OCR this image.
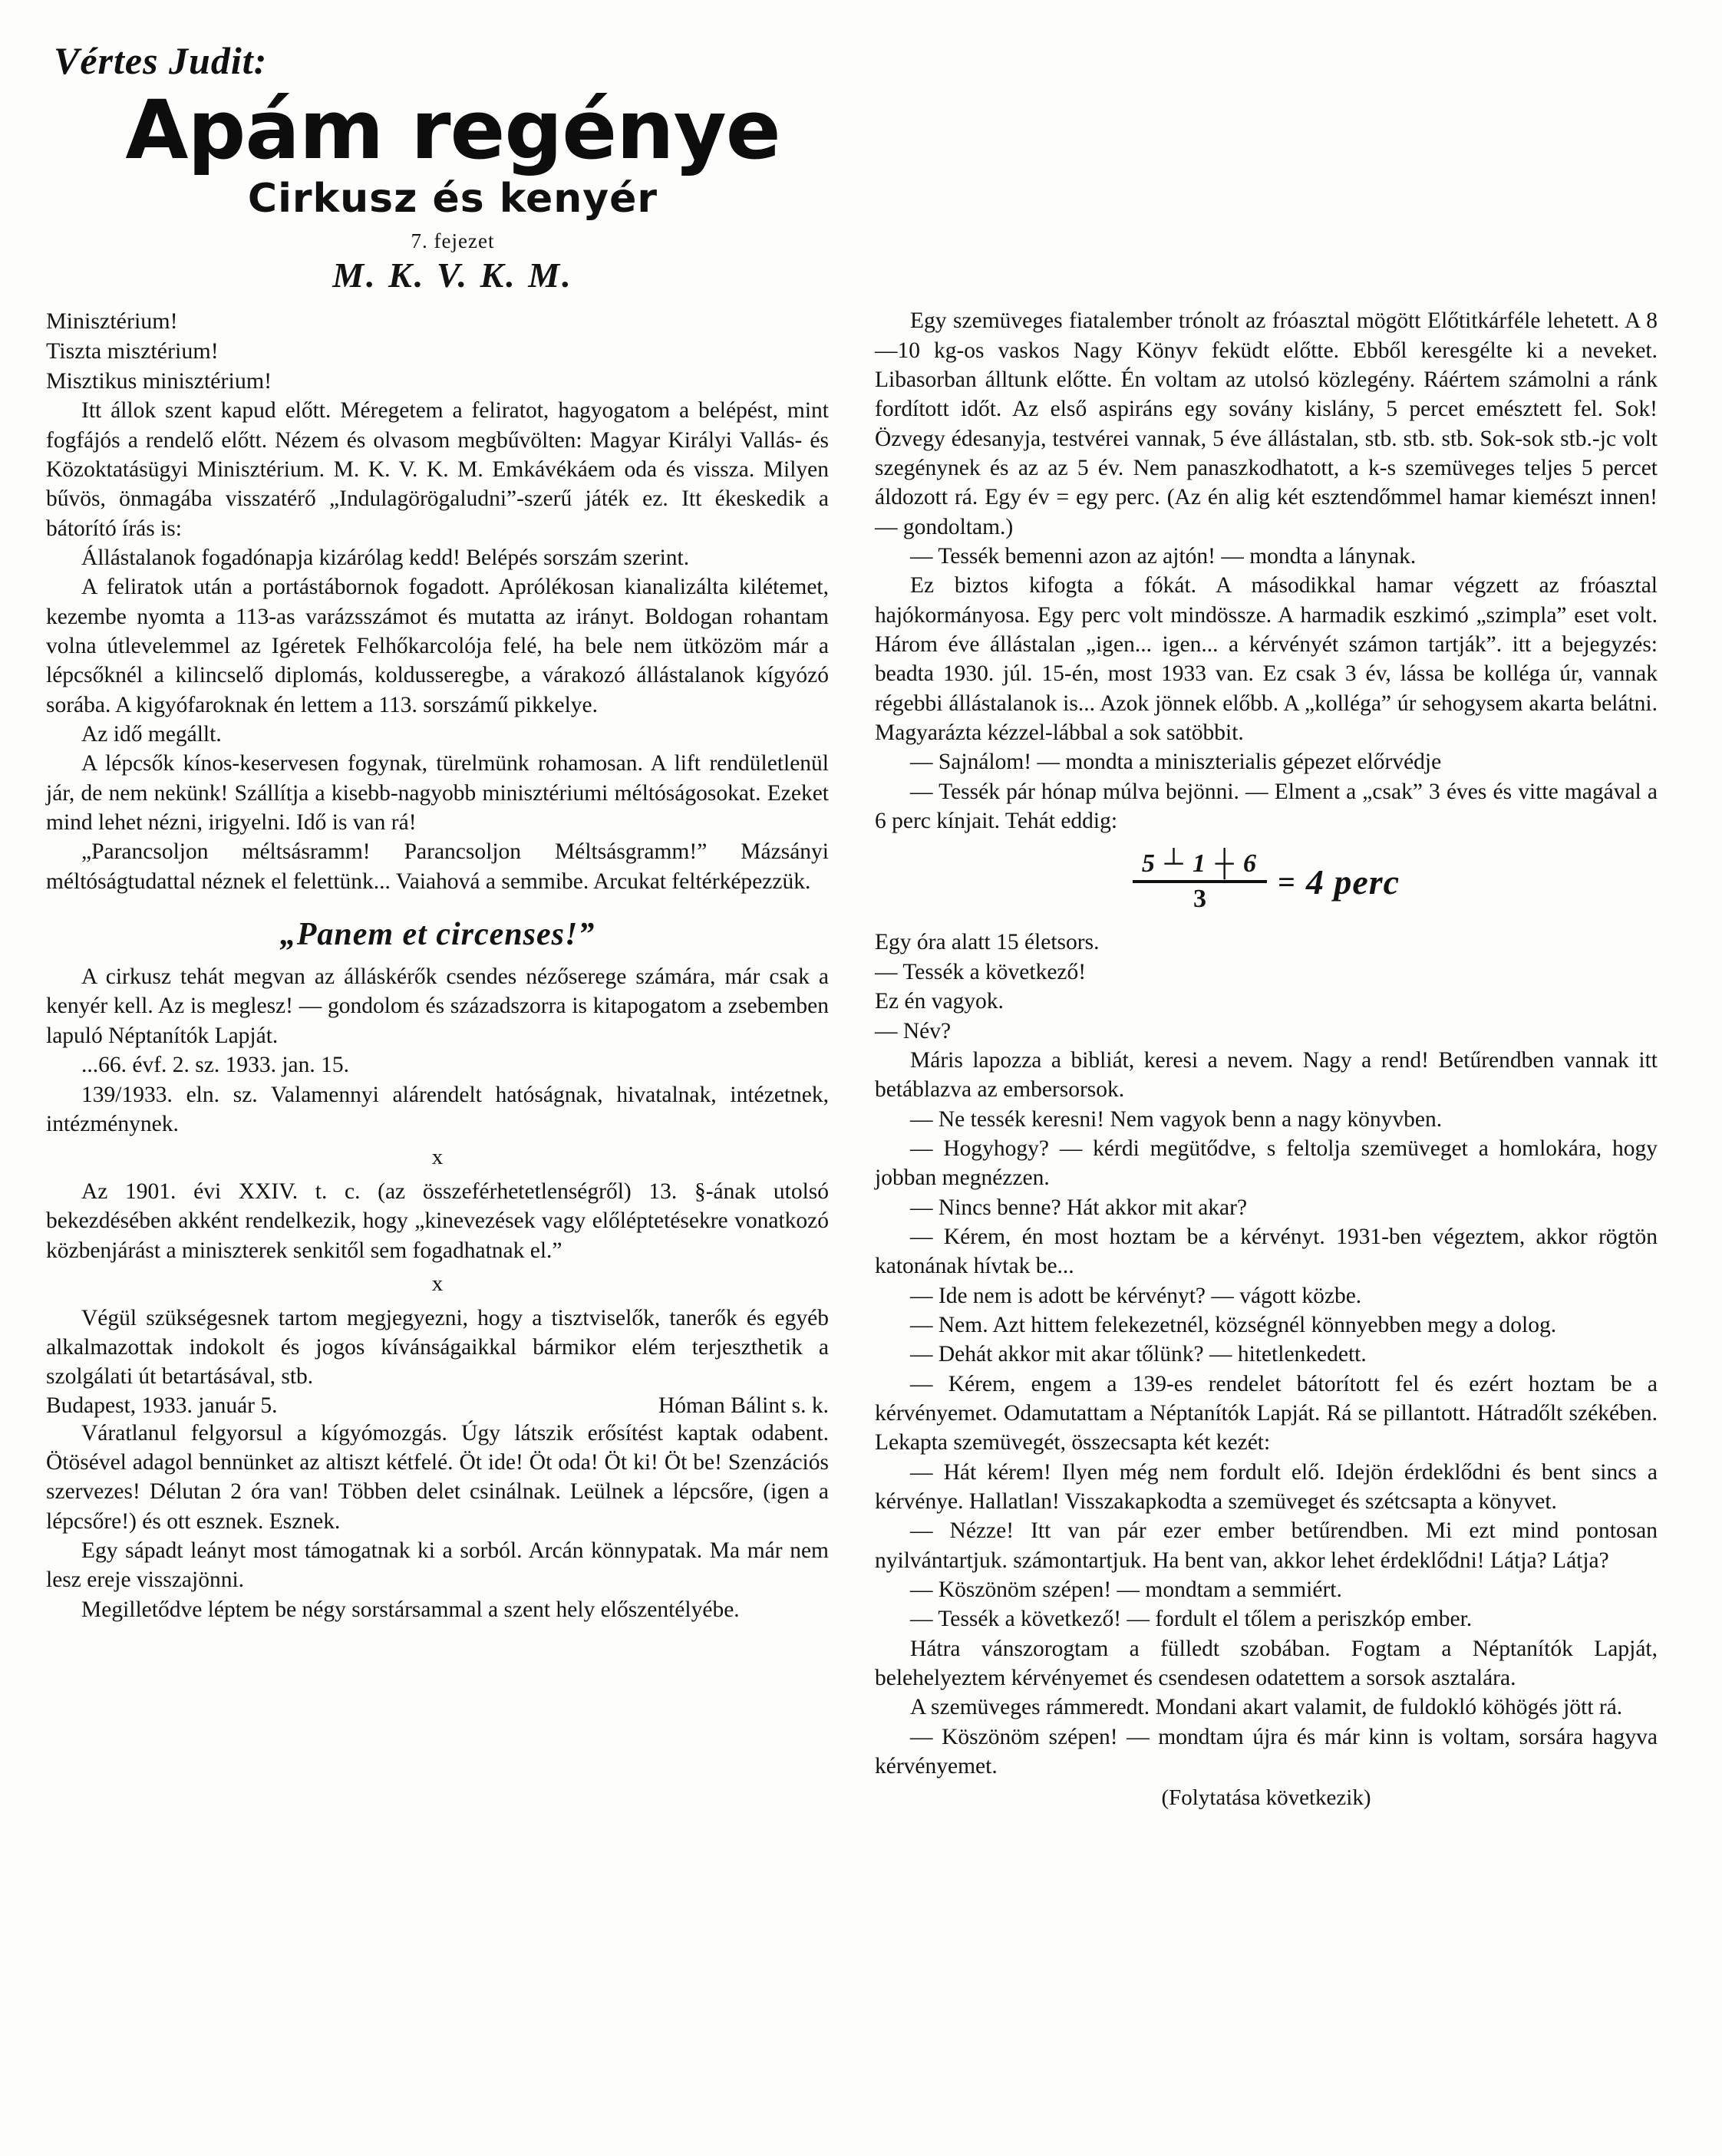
Vértes Judit:
Apám regénye
Cirkusz és kenyér
7. fejezet
M. K. V. K. M.

Minisztérium!

Tiszta misztérium!

Misztikus minisztérium!

Itt állok szent kapud előtt. Méregetem a feliratot, hagyogatom a belépést, mint fogfájós a rendelő előtt. Nézem és olvasom megbűvölten: Magyar Királyi Vallás- és Közoktatásügyi Minisztérium. M. K. V. K. M. Emkávékáem oda és vissza. Milyen bűvös, önmagába visszatérő „Indulagörögaludni”-szerű játék ez. Itt ékeskedik a bátorító írás is:

Állástalanok fogadónapja kizárólag kedd! Belépés sorszám szerint.

A feliratok után a portástábornok fogadott. Aprólékosan kianalizálta kilétemet, kezembe nyomta a 113-as varázsszámot és mutatta az irányt. Boldogan rohantam volna útlevelemmel az Igéretek Felhőkarcolója felé, ha bele nem ütközöm már a lépcsőknél a kilincselő diplomás, koldusseregbe, a várakozó állástalanok kígyózó sorába. A kigyófaroknak én lettem a 113. sorszámű pikkelye.

Az idő megállt.

A lépcsők kínos-keservesen fogynak, türelmünk rohamosan. A lift rendületlenül jár, de nem nekünk! Szállítja a kisebb-nagyobb minisztériumi méltóságosokat. Ezeket mind lehet nézni, irigyelni. Idő is van rá!

„Parancsoljon méltsásramm! Parancsoljon Méltsásgramm!” Mázsányi méltóságtudattal néznek el felettünk... Vaiahová a semmibe. Arcukat feltérképezzük.

„Panem et circenses!”

A cirkusz tehát megvan az álláskérők csendes nézőserege számára, már csak a kenyér kell. Az is meglesz! — gondolom és századszorra is kitapogatom a zsebemben lapuló Néptanítók Lapját.

...66. évf. 2. sz. 1933. jan. 15.

139/1933. eln. sz. Valamennyi alárendelt hatóságnak, hivatalnak, intézetnek, intézménynek.

x

Az 1901. évi XXIV. t. c. (az összeférhetetlenségről) 13. §-ának utolsó bekezdésében akként rendelkezik, hogy „kinevezések vagy előléptetésekre vonatkozó közbenjárást a miniszterek senkitől sem fogadhatnak el.”

x

Végül szükségesnek tartom megjegyezni, hogy a tisztviselők, tanerők és egyéb alkalmazottak indokolt és jogos kívánságaikkal bármikor elém terjeszthetik a szolgálati út betartásával, stb.

Budapest, 1933. január 5.	Hóman Bálint s. k.

Váratlanul felgyorsul a kígyómozgás. Úgy látszik erősítést kaptak odabent. Ötösével adagol bennünket az altiszt kétfelé. Öt ide! Öt oda! Öt ki! Öt be! Szenzációs szervezes! Délutan 2 óra van! Többen delet csinálnak. Leülnek a lépcsőre, (igen a lépcsőre!) és ott esznek. Esznek.

Egy sápadt leányt most támogatnak ki a sorból. Arcán könnypatak. Ma már nem lesz ereje visszajönni.

Megilletődve léptem be négy sorstársammal a szent hely előszentélyébe.

Egy szemüveges fiatalember trónolt az fróasztal mögött Előtitkárféle lehetett. A 8—10 kg-os vaskos Nagy Könyv feküdt előtte. Ebből keresgélte ki a neveket. Libasorban álltunk előtte. Én voltam az utolsó közlegény. Ráértem számolni a ránk fordított időt. Az első aspiráns egy sovány kislány, 5 percet emésztett fel. Sok! Özvegy édesanyja, testvérei vannak, 5 éve állástalan, stb. stb. stb. Sok-sok stb.-jc volt szegénynek és az az 5 év. Nem panaszkodhatott, a k-s szemüveges teljes 5 percet áldozott rá. Egy év = egy perc. (Az én alig két esztendőmmel hamar kiemészt innen! — gondoltam.)

— Tessék bemenni azon az ajtón! — mondta a lánynak.

Ez biztos kifogta a fókát. A másodikkal hamar végzett az fróasztal hajókormányosa. Egy perc volt mindössze. A harmadik eszkimó „szimpla” eset volt. Három éve állástalan „igen... igen... a kérvényét számon tartják”. itt a bejegyzés: beadta 1930. júl. 15-én, most 1933 van. Ez csak 3 év, lássa be kolléga úr, vannak régebbi állástalanok is... Azok jönnek előbb. A „kolléga” úr sehogysem akarta belátni. Magyarázta kézzel-lábbal a sok satöbbit.

— Sajnálom! — mondta a miniszterialis gépezet előrvédje

— Tessék pár hónap múlva bejönni. — Elment a „csak” 3 éves és vitte magával a 6 perc kínjait. Tehát eddig:

$\frac{5 ┴ 1 ┼ 6}{3} = 4$ perc

Egy óra alatt 15 életsors.

— Tessék a következő!

Ez én vagyok.

— Név?

Máris lapozza a bibliát, keresi a nevem. Nagy a rend! Betűrendben vannak itt betáblazva az embersorsok.

— Ne tessék keresni! Nem vagyok benn a nagy könyvben.

— Hogyhogy? — kérdi megütődve, s feltolja szemüveget a homlokára, hogy jobban megnézzen.

— Nincs benne? Hát akkor mit akar?

— Kérem, én most hoztam be a kérvényt. 1931-ben végeztem, akkor rögtön katonának hívtak be...

— Ide nem is adott be kérvényt? — vágott közbe.

— Nem. Azt hittem felekezetnél, községnél könnyebben megy a dolog.

— Dehát akkor mit akar tőlünk? — hitetlenkedett.

— Kérem, engem a 139-es rendelet bátorított fel és ezért hoztam be a kérvényemet. Odamutattam a Néptanítók Lapját. Rá se pillantott. Hátradőlt székében. Lekapta szemüvegét, összecsapta két kezét:

— Hát kérem! Ilyen még nem fordult elő. Idejön érdeklődni és bent sincs a kérvénye. Hallatlan! Visszakapkodta a szemüveget és szétcsapta a könyvet.

— Nézze! Itt van pár ezer ember betűrendben. Mi ezt mind pontosan nyilvántartjuk. számontartjuk. Ha bent van, akkor lehet érdeklődni! Látja? Látja?

— Köszönöm szépen! — mondtam a semmiért.

— Tessék a következő! — fordult el tőlem a periszkóp ember.

Hátra vánszorogtam a fülledt szobában. Fogtam a Néptanítók Lapját, belehelyeztem kérvényemet és csendesen odatettem a sorsok asztalára.

A szemüveges rámmeredt. Mondani akart valamit, de fuldokló köhögés jött rá.

— Köszönöm szépen! — mondtam újra és már kinn is voltam, sorsára hagyva kérvényemet.

(Folytatása következik)
